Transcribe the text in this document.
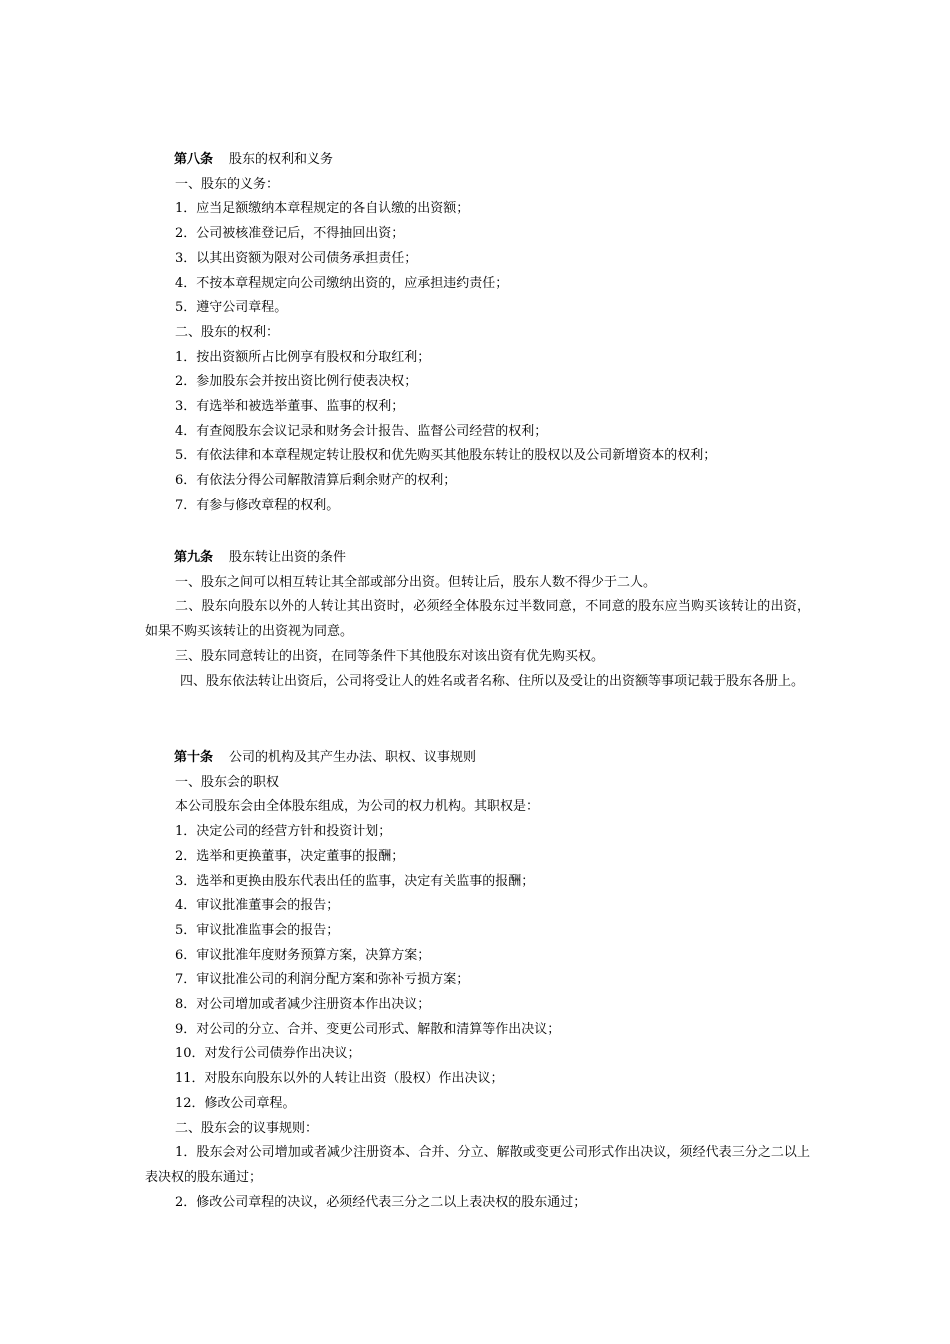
第八条 股东的权利和义务
一、股东的义务：
1．应当足额缴纳本章程规定的各自认缴的出资额；
2．公司被核准登记后，不得抽回出资；
3．以其出资额为限对公司债务承担责任；
4．不按本章程规定向公司缴纳出资的，应承担违约责任；
5．遵守公司章程。
二、股东的权利：
1．按出资额所占比例享有股权和分取红利；
2．参加股东会并按出资比例行使表决权；
3．有选举和被选举董事、监事的权利；
4．有查阅股东会议记录和财务会计报告、监督公司经营的权利；
5．有依法律和本章程规定转让股权和优先购买其他股东转让的股权以及公司新增资本的权利；
6．有依法分得公司解散清算后剩余财产的权利；
7．有参与修改章程的权利。
第九条 股东转让出资的条件
一、股东之间可以相互转让其全部或部分出资。但转让后，股东人数不得少于二人。
二、股东向股东以外的人转让其出资时，必须经全体股东过半数同意，不同意的股东应当购买该转让的出资，如果不购买该转让的出资视为同意。
三、股东同意转让的出资，在同等条件下其他股东对该出资有优先购买权。
四、股东依法转让出资后，公司将受让人的姓名或者名称、住所以及受让的出资额等事项记载于股东各册上。
第十条 公司的机构及其产生办法、职权、议事规则
一、股东会的职权
本公司股东会由全体股东组成，为公司的权力机构。其职权是：
1．决定公司的经营方针和投资计划；
2．选举和更换董事，决定董事的报酬；
3．选举和更换由股东代表出任的监事，决定有关监事的报酬；
4．审议批准董事会的报告；
5．审议批准监事会的报告；
6．审议批准年度财务预算方案，决算方案；
7．审议批准公司的利润分配方案和弥补亏损方案；
8．对公司增加或者减少注册资本作出决议；
9．对公司的分立、合并、变更公司形式、解散和清算等作出决议；
10．对发行公司债券作出决议；
11．对股东向股东以外的人转让出资（股权）作出决议；
12．修改公司章程。
二、股东会的议事规则：
1．股东会对公司增加或者减少注册资本、合并、分立、解散或变更公司形式作出决议，须经代表三分之二以上表决权的股东通过；
2．修改公司章程的决议，必须经代表三分之二以上表决权的股东通过；
